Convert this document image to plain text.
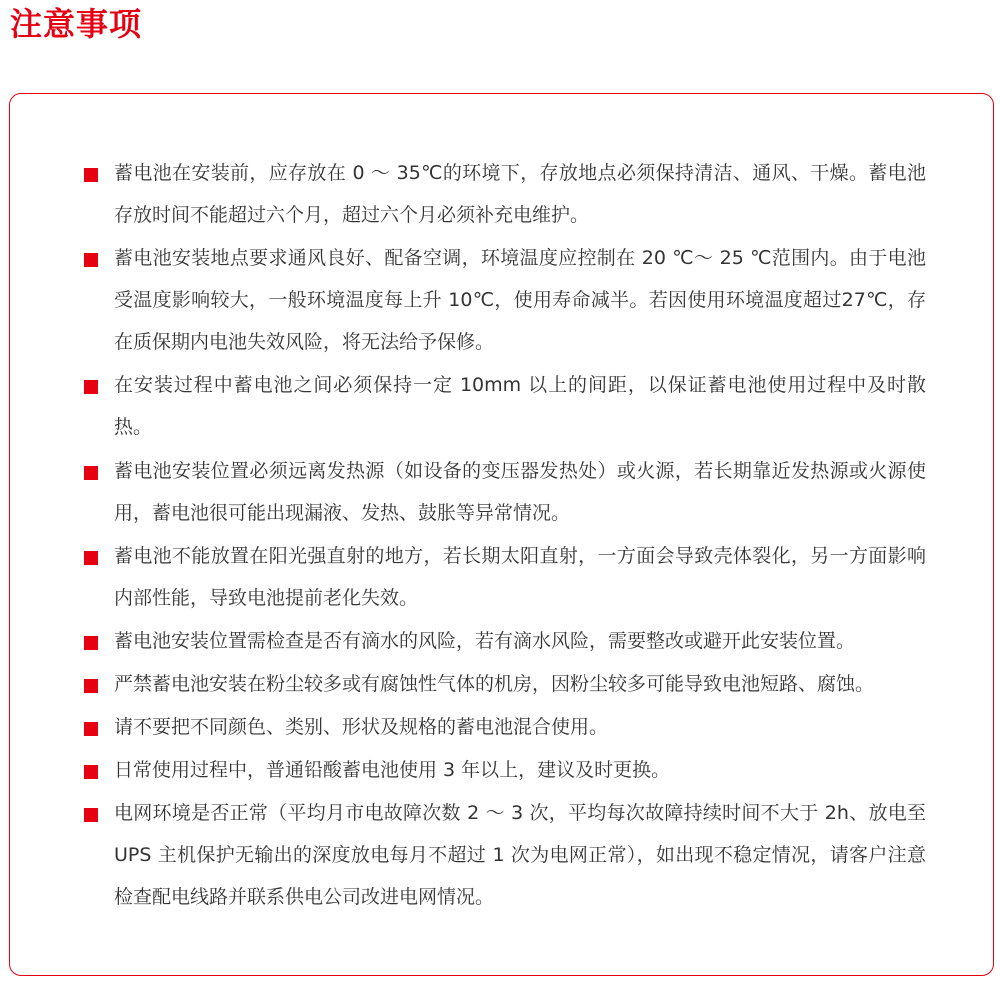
注意事项
蓄电池在安装前，应存放在 0 ～ 35℃的环境下，存放地点必须保持清洁、通风、干燥。蓄电池存放时间不能超过六个月，超过六个月必须补充电维护。
蓄电池安装地点要求通风良好、配备空调，环境温度应控制在 20 ℃～ 25 ℃范围内。由于电池受温度影响较大，一般环境温度每上升 10℃，使用寿命减半。若因使用环境温度超过27℃，存在质保期内电池失效风险，将无法给予保修。
在安装过程中蓄电池之间必须保持一定 10mm 以上的间距，以保证蓄电池使用过程中及时散热。
蓄电池安装位置必须远离发热源（如设备的变压器发热处）或火源，若长期靠近发热源或火源使用，蓄电池很可能出现漏液、发热、鼓胀等异常情况。
蓄电池不能放置在阳光强直射的地方，若长期太阳直射，一方面会导致壳体裂化，另一方面影响内部性能，导致电池提前老化失效。
蓄电池安装位置需检查是否有滴水的风险，若有滴水风险，需要整改或避开此安装位置。
严禁蓄电池安装在粉尘较多或有腐蚀性气体的机房，因粉尘较多可能导致电池短路、腐蚀。
请不要把不同颜色、类别、形状及规格的蓄电池混合使用。
日常使用过程中，普通铅酸蓄电池使用 3 年以上，建议及时更换。
电网环境是否正常（平均月市电故障次数 2 ～ 3 次，平均每次故障持续时间不大于 2h、放电至 UPS 主机保护无输出的深度放电每月不超过 1 次为电网正常），如出现不稳定情况，请客户注意检查配电线路并联系供电公司改进电网情况。
